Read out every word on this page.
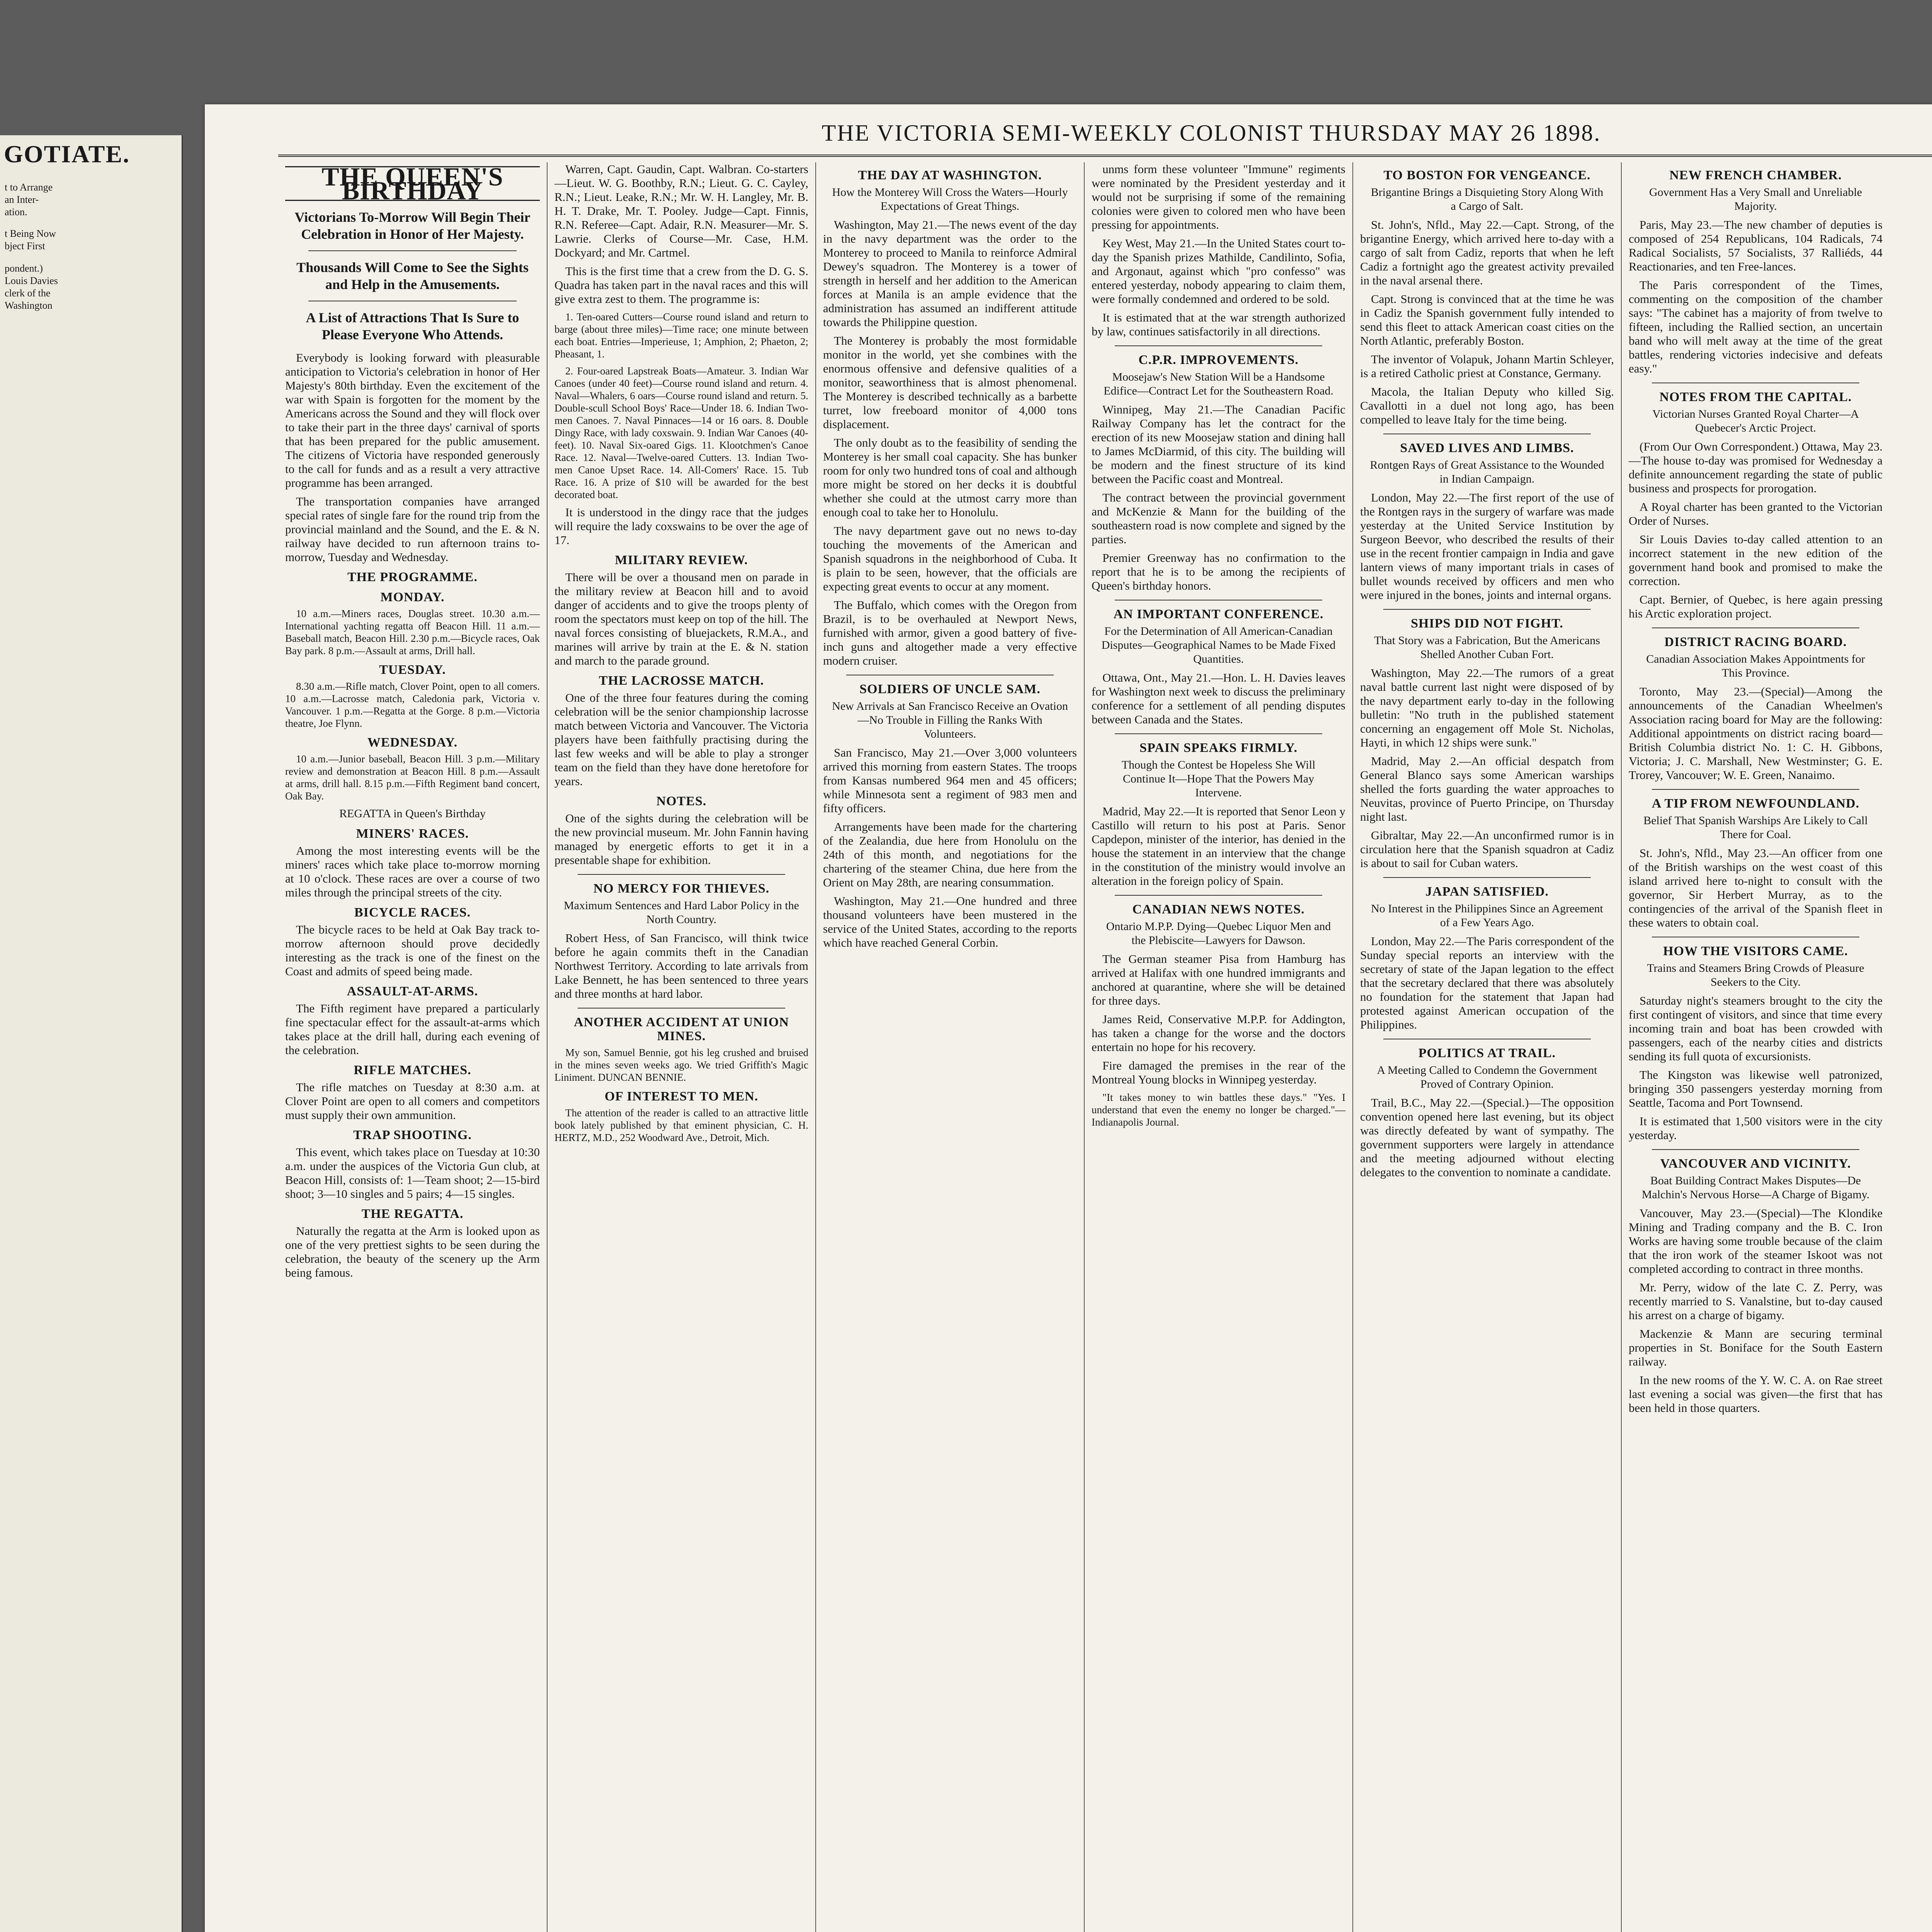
GOTIATE.
t to Arrange
an Inter-
ation.
t Being Now
bject First
pondent.)
Louis Davies
clerk of the
Washington
THE VICTORIA SEMI-WEEKLY COLONIST THURSDAY MAY 26 1898.
THE QUEEN'S BIRTHDAY
Victorians To-Morrow Will Begin Their Celebration in Honor of Her Majesty.
Thousands Will Come to See the Sights and Help in the Amusements.
A List of Attractions That Is Sure to Please Everyone Who Attends.

Everybody is looking forward with pleasurable anticipation to Victoria's celebration in honor of Her Majesty's 80th birthday. Even the excitement of the war with Spain is forgotten for the moment by the Americans across the Sound and they will flock over to take their part in the three days' carnival of sports that has been prepared for the public amusement. The citizens of Victoria have responded generously to the call for funds and as a result a very attractive programme has been arranged.

The transportation companies have arranged special rates of single fare for the round trip from the provincial mainland and the Sound, and the E. & N. railway have decided to run afternoon trains to-morrow, Tuesday and Wednesday.

THE PROGRAMME.
MONDAY.

10 a.m.—Miners races, Douglas street. 10.30 a.m.—International yachting regatta off Beacon Hill. 11 a.m.—Baseball match, Beacon Hill. 2.30 p.m.—Bicycle races, Oak Bay park. 8 p.m.—Assault at arms, Drill hall.

TUESDAY.

8.30 a.m.—Rifle match, Clover Point, open to all comers. 10 a.m.—Lacrosse match, Caledonia park, Victoria v. Vancouver. 1 p.m.—Regatta at the Gorge. 8 p.m.—Victoria theatre, Joe Flynn.

WEDNESDAY.

10 a.m.—Junior baseball, Beacon Hill. 3 p.m.—Military review and demonstration at Beacon Hill. 8 p.m.—Assault at arms, drill hall. 8.15 p.m.—Fifth Regiment band concert, Oak Bay.

REGATTA in Queen's Birthday
MINERS' RACES.

Among the most interesting events will be the miners' races which take place to-morrow morning at 10 o'clock. These races are over a course of two miles through the principal streets of the city.

BICYCLE RACES.

The bicycle races to be held at Oak Bay track to-morrow afternoon should prove decidedly interesting as the track is one of the finest on the Coast and admits of speed being made.

ASSAULT-AT-ARMS.

The Fifth regiment have prepared a particularly fine spectacular effect for the assault-at-arms which takes place at the drill hall, during each evening of the celebration.

RIFLE MATCHES.

The rifle matches on Tuesday at 8:30 a.m. at Clover Point are open to all comers and competitors must supply their own ammunition.

TRAP SHOOTING.

This event, which takes place on Tuesday at 10:30 a.m. under the auspices of the Victoria Gun club, at Beacon Hill, consists of: 1—Team shoot; 2—15-bird shoot; 3—10 singles and 5 pairs; 4—15 singles.

THE REGATTA.

Naturally the regatta at the Arm is looked upon as one of the very prettiest sights to be seen during the celebration, the beauty of the scenery up the Arm being famous.

Warren, Capt. Gaudin, Capt. Walbran. Co-starters—Lieut. W. G. Boothby, R.N.; Lieut. G. C. Cayley, R.N.; Lieut. Leake, R.N.; Mr. W. H. Langley, Mr. B. H. T. Drake, Mr. T. Pooley. Judge—Capt. Finnis, R.N. Referee—Capt. Adair, R.N. Measurer—Mr. S. Lawrie. Clerks of Course—Mr. Case, H.M. Dockyard; and Mr. Cartmel.

This is the first time that a crew from the D. G. S. Quadra has taken part in the naval races and this will give extra zest to them. The programme is:

1. Ten-oared Cutters—Course round island and return to barge (about three miles)—Time race; one minute between each boat. Entries—Imperieuse, 1; Amphion, 2; Phaeton, 2; Pheasant, 1.

2. Four-oared Lapstreak Boats—Amateur. 3. Indian War Canoes (under 40 feet)—Course round island and return. 4. Naval—Whalers, 6 oars—Course round island and return. 5. Double-scull School Boys' Race—Under 18. 6. Indian Two-men Canoes. 7. Naval Pinnaces—14 or 16 oars. 8. Double Dingy Race, with lady coxswain. 9. Indian War Canoes (40-feet). 10. Naval Six-oared Gigs. 11. Klootchmen's Canoe Race. 12. Naval—Twelve-oared Cutters. 13. Indian Two-men Canoe Upset Race. 14. All-Comers' Race. 15. Tub Race. 16. A prize of $10 will be awarded for the best decorated boat.

It is understood in the dingy race that the judges will require the lady coxswains to be over the age of 17.

MILITARY REVIEW.

There will be over a thousand men on parade in the military review at Beacon hill and to avoid danger of accidents and to give the troops plenty of room the spectators must keep on top of the hill. The naval forces consisting of bluejackets, R.M.A., and marines will arrive by train at the E. & N. station and march to the parade ground.

THE LACROSSE MATCH.

One of the three four features during the coming celebration will be the senior championship lacrosse match between Victoria and Vancouver. The Victoria players have been faithfully practising during the last few weeks and will be able to play a stronger team on the field than they have done heretofore for years.

NOTES.

One of the sights during the celebration will be the new provincial museum. Mr. John Fannin having managed by energetic efforts to get it in a presentable shape for exhibition.

NO MERCY FOR THIEVES.
Maximum Sentences and Hard Labor Policy in the North Country.

Robert Hess, of San Francisco, will think twice before he again commits theft in the Canadian Northwest Territory. According to late arrivals from Lake Bennett, he has been sentenced to three years and three months at hard labor.

ANOTHER ACCIDENT AT UNION MINES.

My son, Samuel Bennie, got his leg crushed and bruised in the mines seven weeks ago. We tried Griffith's Magic Liniment. DUNCAN BENNIE.

OF INTEREST TO MEN.

The attention of the reader is called to an attractive little book lately published by that eminent physician, C. H. HERTZ, M.D., 252 Woodward Ave., Detroit, Mich.

THE DAY AT WASHINGTON.
How the Monterey Will Cross the Waters—Hourly Expectations of Great Things.

Washington, May 21.—The news event of the day in the navy department was the order to the Monterey to proceed to Manila to reinforce Admiral Dewey's squadron. The Monterey is a tower of strength in herself and her addition to the American forces at Manila is an ample evidence that the administration has assumed an indifferent attitude towards the Philippine question.

The Monterey is probably the most formidable monitor in the world, yet she combines with the enormous offensive and defensive qualities of a monitor, seaworthiness that is almost phenomenal. The Monterey is described technically as a barbette turret, low freeboard monitor of 4,000 tons displacement.

The only doubt as to the feasibility of sending the Monterey is her small coal capacity. She has bunker room for only two hundred tons of coal and although more might be stored on her decks it is doubtful whether she could at the utmost carry more than enough coal to take her to Honolulu.

The navy department gave out no news to-day touching the movements of the American and Spanish squadrons in the neighborhood of Cuba. It is plain to be seen, however, that the officials are expecting great events to occur at any moment.

The Buffalo, which comes with the Oregon from Brazil, is to be overhauled at Newport News, furnished with armor, given a good battery of five-inch guns and altogether made a very effective modern cruiser.

SOLDIERS OF UNCLE SAM.
New Arrivals at San Francisco Receive an Ovation—No Trouble in Filling the Ranks With Volunteers.

San Francisco, May 21.—Over 3,000 volunteers arrived this morning from eastern States. The troops from Kansas numbered 964 men and 45 officers; while Minnesota sent a regiment of 983 men and fifty officers.

Arrangements have been made for the chartering of the Zealandia, due here from Honolulu on the 24th of this month, and negotiations for the chartering of the steamer China, due here from the Orient on May 28th, are nearing consummation.

Washington, May 21.—One hundred and three thousand volunteers have been mustered in the service of the United States, according to the reports which have reached General Corbin.

unms form these volunteer "Immune" regiments were nominated by the President yesterday and it would not be surprising if some of the remaining colonies were given to colored men who have been pressing for appointments.

Key West, May 21.—In the United States court to-day the Spanish prizes Mathilde, Candilinto, Sofia, and Argonaut, against which "pro confesso" was entered yesterday, nobody appearing to claim them, were formally condemned and ordered to be sold.

It is estimated that at the war strength authorized by law, continues satisfactorily in all directions.

C.P.R. IMPROVEMENTS.
Moosejaw's New Station Will be a Handsome Edifice—Contract Let for the Southeastern Road.

Winnipeg, May 21.—The Canadian Pacific Railway Company has let the contract for the erection of its new Moosejaw station and dining hall to James McDiarmid, of this city. The building will be modern and the finest structure of its kind between the Pacific coast and Montreal.

The contract between the provincial government and McKenzie & Mann for the building of the southeastern road is now complete and signed by the parties.

Premier Greenway has no confirmation to the report that he is to be among the recipients of Queen's birthday honors.

AN IMPORTANT CONFERENCE.
For the Determination of All American-Canadian Disputes—Geographical Names to be Made Fixed Quantities.

Ottawa, Ont., May 21.—Hon. L. H. Davies leaves for Washington next week to discuss the preliminary conference for a settlement of all pending disputes between Canada and the States.

SPAIN SPEAKS FIRMLY.
Though the Contest be Hopeless She Will Continue It—Hope That the Powers May Intervene.

Madrid, May 22.—It is reported that Senor Leon y Castillo will return to his post at Paris. Senor Capdepon, minister of the interior, has denied in the house the statement in an interview that the change in the constitution of the ministry would involve an alteration in the foreign policy of Spain.

CANADIAN NEWS NOTES.
Ontario M.P.P. Dying—Quebec Liquor Men and the Plebiscite—Lawyers for Dawson.

The German steamer Pisa from Hamburg has arrived at Halifax with one hundred immigrants and anchored at quarantine, where she will be detained for three days.

James Reid, Conservative M.P.P. for Addington, has taken a change for the worse and the doctors entertain no hope for his recovery.

Fire damaged the premises in the rear of the Montreal Young blocks in Winnipeg yesterday.

"It takes money to win battles these days." "Yes. I understand that even the enemy no longer be charged."—Indianapolis Journal.

TO BOSTON FOR VENGEANCE.
Brigantine Brings a Disquieting Story Along With a Cargo of Salt.

St. John's, Nfld., May 22.—Capt. Strong, of the brigantine Energy, which arrived here to-day with a cargo of salt from Cadiz, reports that when he left Cadiz a fortnight ago the greatest activity prevailed in the naval arsenal there.

Capt. Strong is convinced that at the time he was in Cadiz the Spanish government fully intended to send this fleet to attack American coast cities on the North Atlantic, preferably Boston.

The inventor of Volapuk, Johann Martin Schleyer, is a retired Catholic priest at Constance, Germany.

Macola, the Italian Deputy who killed Sig. Cavallotti in a duel not long ago, has been compelled to leave Italy for the time being.

SAVED LIVES AND LIMBS.
Rontgen Rays of Great Assistance to the Wounded in Indian Campaign.

London, May 22.—The first report of the use of the Rontgen rays in the surgery of warfare was made yesterday at the United Service Institution by Surgeon Beevor, who described the results of their use in the recent frontier campaign in India and gave lantern views of many important trials in cases of bullet wounds received by officers and men who were injured in the bones, joints and internal organs.

SHIPS DID NOT FIGHT.
That Story was a Fabrication, But the Americans Shelled Another Cuban Fort.

Washington, May 22.—The rumors of a great naval battle current last night were disposed of by the navy department early to-day in the following bulletin: "No truth in the published statement concerning an engagement off Mole St. Nicholas, Hayti, in which 12 ships were sunk."

Madrid, May 2.—An official despatch from General Blanco says some American warships shelled the forts guarding the water approaches to Neuvitas, province of Puerto Principe, on Thursday night last.

Gibraltar, May 22.—An unconfirmed rumor is in circulation here that the Spanish squadron at Cadiz is about to sail for Cuban waters.

JAPAN SATISFIED.
No Interest in the Philippines Since an Agreement of a Few Years Ago.

London, May 22.—The Paris correspondent of the Sunday special reports an interview with the secretary of state of the Japan legation to the effect that the secretary declared that there was absolutely no foundation for the statement that Japan had protested against American occupation of the Philippines.

POLITICS AT TRAIL.
A Meeting Called to Condemn the Government Proved of Contrary Opinion.

Trail, B.C., May 22.—(Special.)—The opposition convention opened here last evening, but its object was directly defeated by want of sympathy. The government supporters were largely in attendance and the meeting adjourned without electing delegates to the convention to nominate a candidate.

NEW FRENCH CHAMBER.
Government Has a Very Small and Unreliable Majority.

Paris, May 23.—The new chamber of deputies is composed of 254 Republicans, 104 Radicals, 74 Radical Socialists, 57 Socialists, 37 Ralliéds, 44 Reactionaries, and ten Free-lances.

The Paris correspondent of the Times, commenting on the composition of the chamber says: "The cabinet has a majority of from twelve to fifteen, including the Rallied section, an uncertain band who will melt away at the time of the great battles, rendering victories indecisive and defeats easy."

NOTES FROM THE CAPITAL.
Victorian Nurses Granted Royal Charter—A Quebecer's Arctic Project.

(From Our Own Correspondent.) Ottawa, May 23.—The house to-day was promised for Wednesday a definite announcement regarding the state of public business and prospects for prorogation.

A Royal charter has been granted to the Victorian Order of Nurses.

Sir Louis Davies to-day called attention to an incorrect statement in the new edition of the government hand book and promised to make the correction.

Capt. Bernier, of Quebec, is here again pressing his Arctic exploration project.

DISTRICT RACING BOARD.
Canadian Association Makes Appointments for This Province.

Toronto, May 23.—(Special)—Among the announcements of the Canadian Wheelmen's Association racing board for May are the following: Additional appointments on district racing board—British Columbia district No. 1: C. H. Gibbons, Victoria; J. C. Marshall, New Westminster; G. E. Trorey, Vancouver; W. E. Green, Nanaimo.

A TIP FROM NEWFOUNDLAND.
Belief That Spanish Warships Are Likely to Call There for Coal.

St. John's, Nfld., May 23.—An officer from one of the British warships on the west coast of this island arrived here to-night to consult with the governor, Sir Herbert Murray, as to the contingencies of the arrival of the Spanish fleet in these waters to obtain coal.

HOW THE VISITORS CAME.
Trains and Steamers Bring Crowds of Pleasure Seekers to the City.

Saturday night's steamers brought to the city the first contingent of visitors, and since that time every incoming train and boat has been crowded with passengers, each of the nearby cities and districts sending its full quota of excursionists.

The Kingston was likewise well patronized, bringing 350 passengers yesterday morning from Seattle, Tacoma and Port Townsend.

It is estimated that 1,500 visitors were in the city yesterday.

VANCOUVER AND VICINITY.
Boat Building Contract Makes Disputes—De Malchin's Nervous Horse—A Charge of Bigamy.

Vancouver, May 23.—(Special)—The Klondike Mining and Trading company and the B. C. Iron Works are having some trouble because of the claim that the iron work of the steamer Iskoot was not completed according to contract in three months.

Mr. Perry, widow of the late C. Z. Perry, was recently married to S. Vanalstine, but to-day caused his arrest on a charge of bigamy.

Mackenzie & Mann are securing terminal properties in St. Boniface for the South Eastern railway.

In the new rooms of the Y. W. C. A. on Rae street last evening a social was given—the first that has been held in those quarters.
